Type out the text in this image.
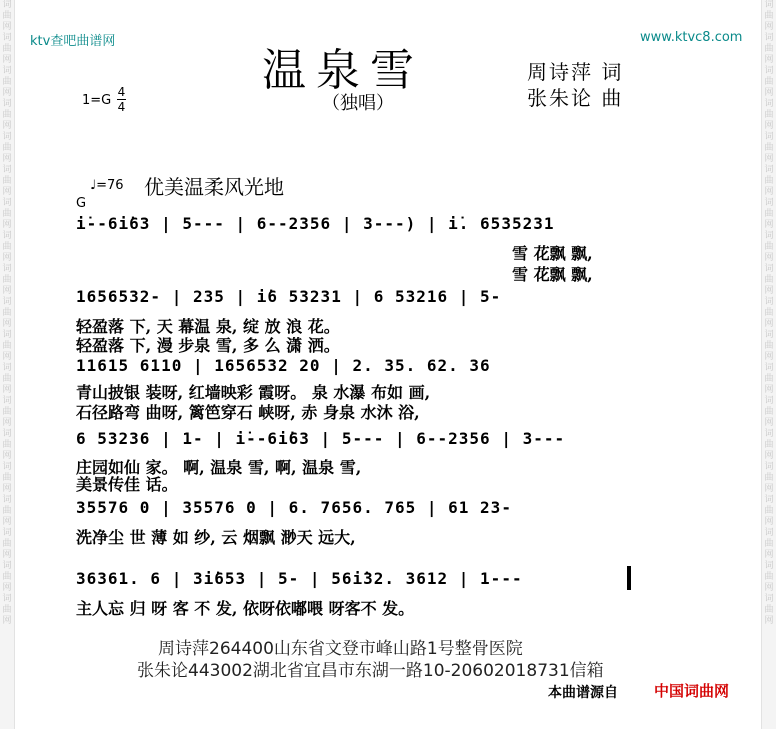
词曲网词曲网词曲网词曲网词曲网词曲网词曲网词曲网词曲网词曲网词曲网词曲网词曲网词曲网词曲网词曲网词曲网词曲网词曲网
词曲网词曲网词曲网词曲网词曲网词曲网词曲网词曲网词曲网词曲网词曲网词曲网词曲网词曲网词曲网词曲网词曲网词曲网词曲网
ktv查吧曲谱网	www.ktvc8.com
温泉雪
（独唱）
周诗萍 词
张朱论 曲
1=G
4
4
♩=76 优美温柔风光地
G
i̇--6i̇63 | 5--- | 6--2356 | 3---) | i̇. 6535231
雪 花飘 飘,
雪 花飘 飘,
1656532- | 235 | i̇6 53231 | 6 53216 | 5-
轻盈落 下, 天 幕温 泉, 绽 放 浪 花。
轻盈落 下, 漫 步泉 雪, 多 么 潇 洒。
11615 6110 | 1656532 20 | 2. 35. 62. 36
青山披银 装呀, 红墙映彩 霞呀。 泉 水瀑 布如 画,
石径路弯 曲呀, 篱笆穿石 峡呀, 赤 身泉 水沐 浴,
6 53236 | 1- | i̇--6i̇63 | 5--- | 6--2356 | 3---
庄园如仙 家。 啊, 温泉 雪, 啊, 温泉 雪,
美景传佳 话。
35576 0 | 35576 0 | 6. 7656. 765 | 61 23-
洗净尘 世 薄 如 纱, 云 烟飘 渺天 远大,
36361. 6 | 3i̇653 | 5- | 56i̇32. 3612 | 1---
主人忘 归 呀 客 不 发, 依呀依嘟喂 呀客不 发。
周诗萍264400山东省文登市峰山路1号整骨医院
张朱论443002湖北省宜昌市东湖一路10-20602018731信箱
本曲谱源自 中国词曲网
